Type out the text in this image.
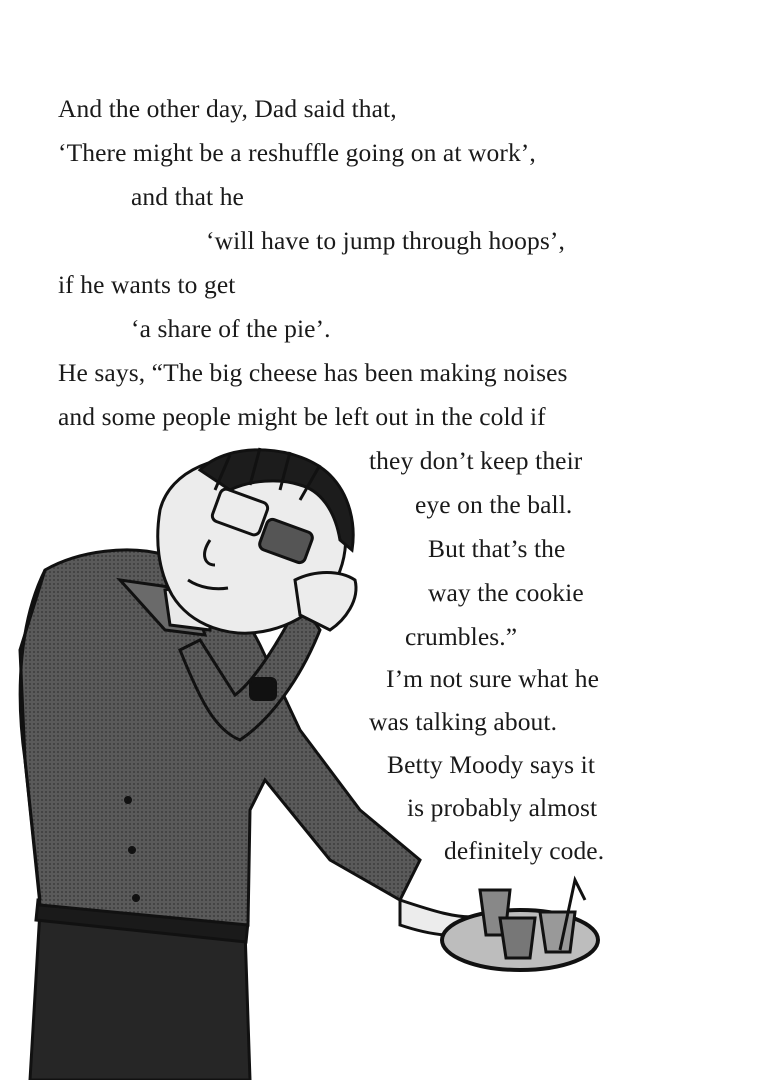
And the other day, Dad said that,
‘There might be a reshuffle going on at work’,
and that he
‘will have to jump through hoops’,
if he wants to get
‘a share of the pie’.
He says, “The big cheese has been making noises
and some people might be left out in the cold if
they don’t keep their
eye on the ball.
But that’s the
way the cookie
crumbles.”
I’m not sure what he
was talking about.
Betty Moody says it
is probably almost
definitely code.
